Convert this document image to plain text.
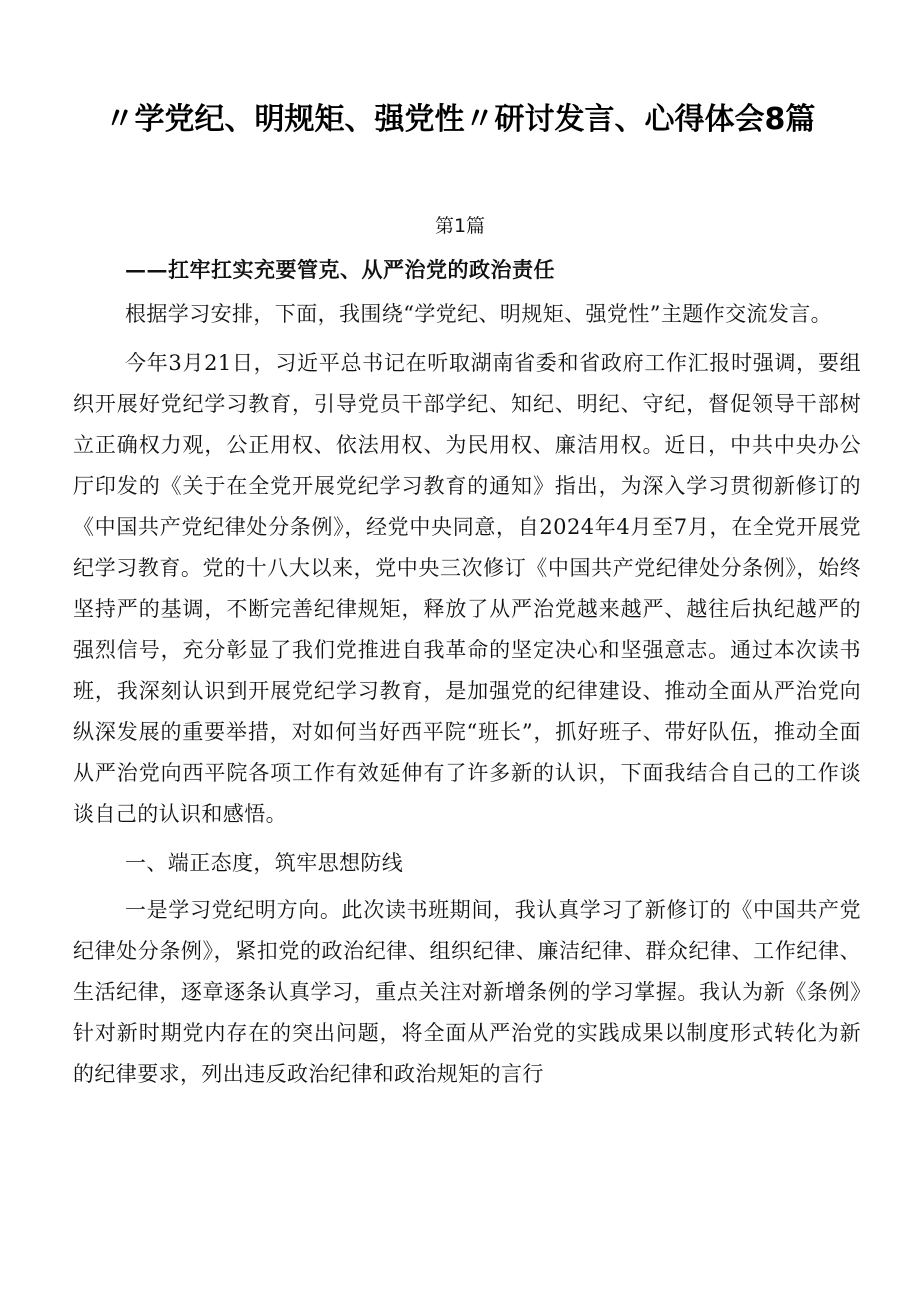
〃学党纪、明规矩、强党性〃研讨发言、心得体会8篇
第1篇
——扛牢扛实充要管克、从严治党的政治责任

根据学习安排，下面，我围绕“学党纪、明规矩、强党性”主题作交流发言。

今年3月21日，习近平总书记在听取湖南省委和省政府工作汇报时强调，要组织开展好党纪学习教育，引导党员干部学纪、知纪、明纪、守纪，督促领导干部树立正确权力观，公正用权、依法用权、为民用权、廉洁用权。近日，中共中央办公厅印发的《关于在全党开展党纪学习教育的通知》指出，为深入学习贯彻新修订的《中国共产党纪律处分条例》，经党中央同意，自2024年4月至7月，在全党开展党纪学习教育。党的十八大以来，党中央三次修订《中国共产党纪律处分条例》，始终坚持严的基调，不断完善纪律规矩，释放了从严治党越来越严、越往后执纪越严的强烈信号，充分彰显了我们党推进自我革命的坚定决心和坚强意志。通过本次读书班，我深刻认识到开展党纪学习教育，是加强党的纪律建设、推动全面从严治党向纵深发展的重要举措，对如何当好西平院“班长”，抓好班子、带好队伍，推动全面从严治党向西平院各项工作有效延伸有了许多新的认识，下面我结合自己的工作谈谈自己的认识和感悟。

一、端正态度，筑牢思想防线

一是学习党纪明方向。此次读书班期间，我认真学习了新修订的《中国共产党纪律处分条例》，紧扣党的政治纪律、组织纪律、廉洁纪律、群众纪律、工作纪律、生活纪律，逐章逐条认真学习，重点关注对新增条例的学习掌握。我认为新《条例》针对新时期党内存在的突出问题，将全面从严治党的实践成果以制度形式转化为新的纪律要求，列出违反政治纪律和政治规矩的言行
